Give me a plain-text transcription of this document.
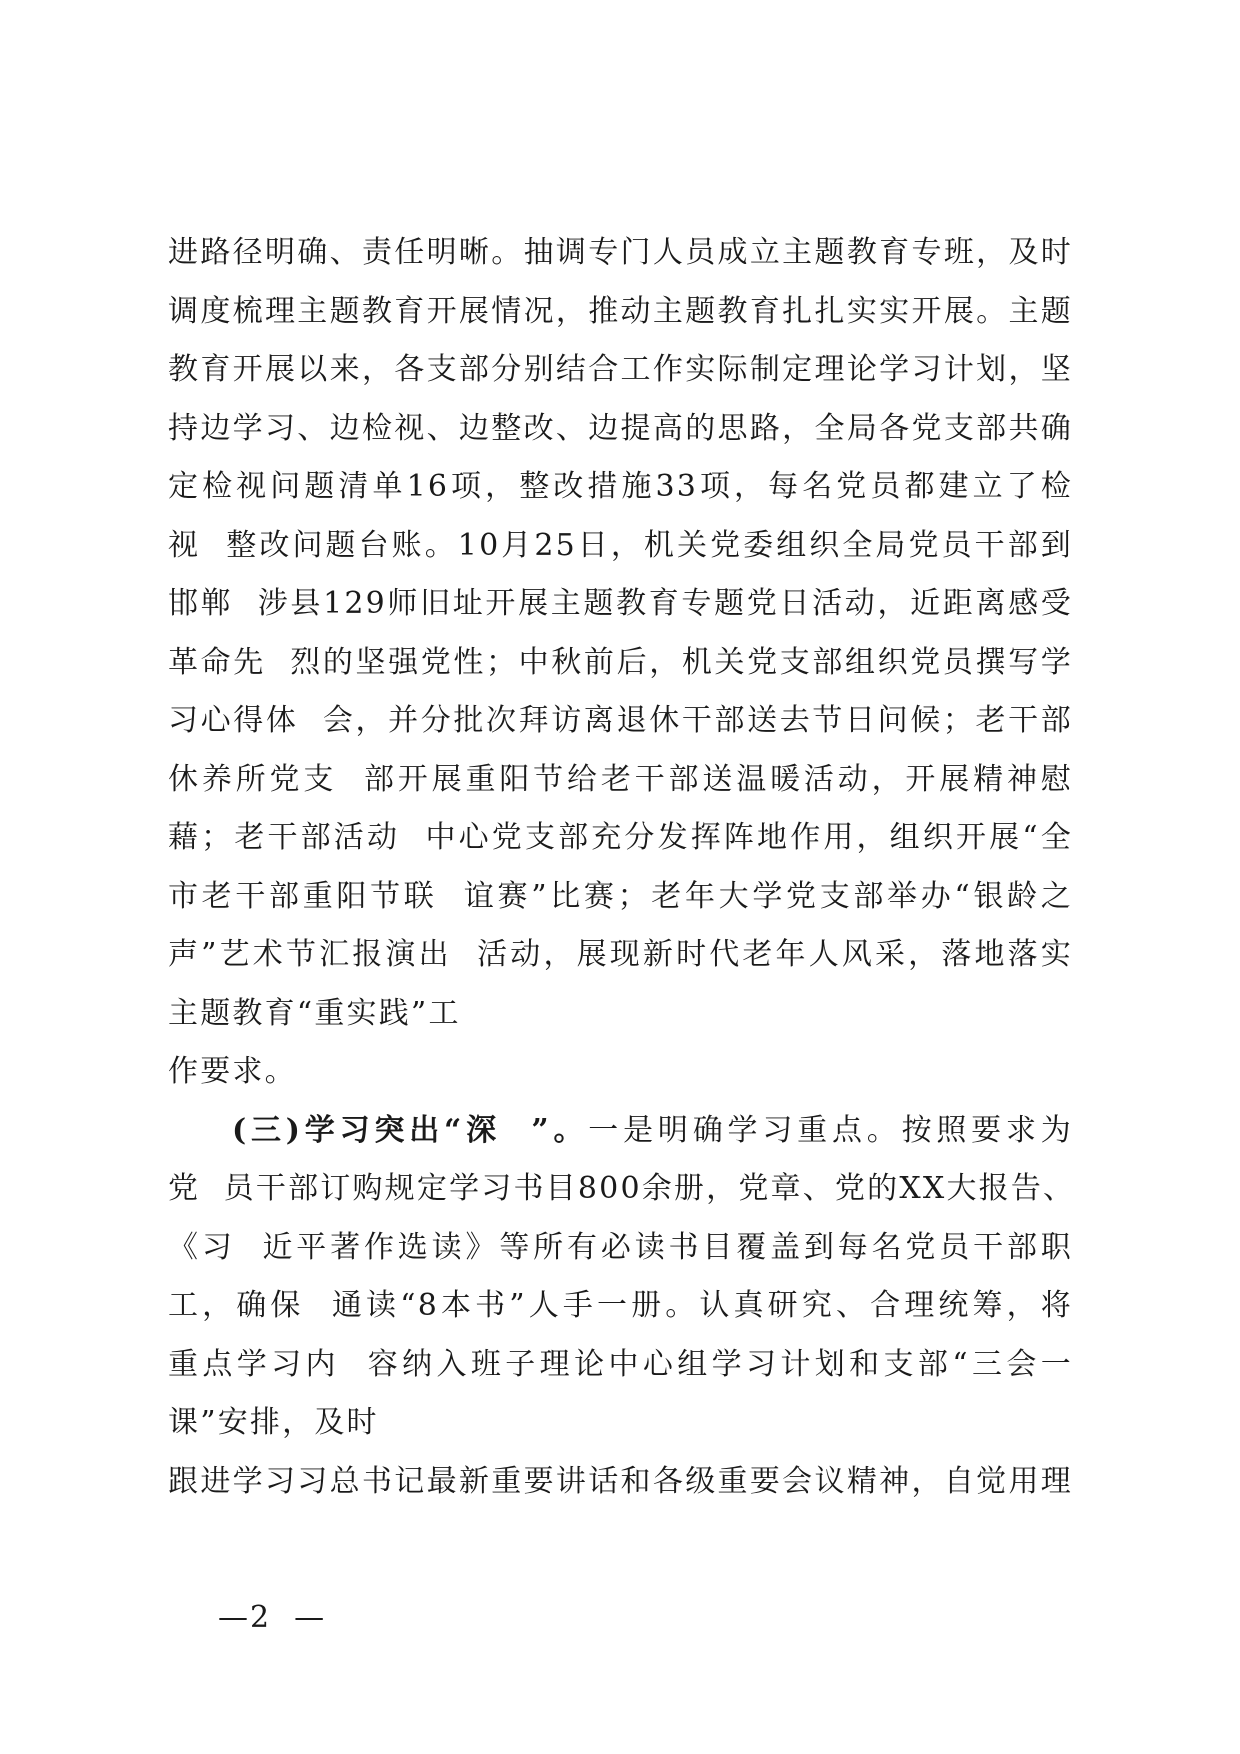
进路径明确、责任明晰。抽调专门人员成立主题教育专班，及时
调度梳理主题教育开展情况，推动主题教育扎扎实实开展。主题
教育开展以来，各支部分别结合工作实际制定理论学习计划，坚
持边学习、边检视、边整改、边提高的思路，全局各党支部共确
定检视问题清单16项，整改措施33项，每名党员都建立了检
视  整改问题台账。10月25日，机关党委组织全局党员干部到
邯郸  涉县129师旧址开展主题教育专题党日活动，近距离感受
革命先  烈的坚强党性；中秋前后，机关党支部组织党员撰写学
习心得体  会，并分批次拜访离退休干部送去节日问候；老干部
休养所党支  部开展重阳节给老干部送温暖活动，开展精神慰
藉；老干部活动  中心党支部充分发挥阵地作用，组织开展“全
市老干部重阳节联  谊赛”比赛；老年大学党支部举办“银龄之
声”艺术节汇报演出  活动，展现新时代老年人风采，落地落实
主题教育“重实践”工
作要求。
(三)学习突出“深  ”。一是明确学习重点。按照要求为
党  员干部订购规定学习书目800余册，党章、党的XX大报告、
《习  近平著作选读》等所有必读书目覆盖到每名党员干部职
工，确保  通读“8本书”人手一册。认真研究、合理统筹，将
重点学习内  容纳入班子理论中心组学习计划和支部“三会一
课”安排，及时
跟进学习习总书记最新重要讲话和各级重要会议精神，自觉用理
—2  —
